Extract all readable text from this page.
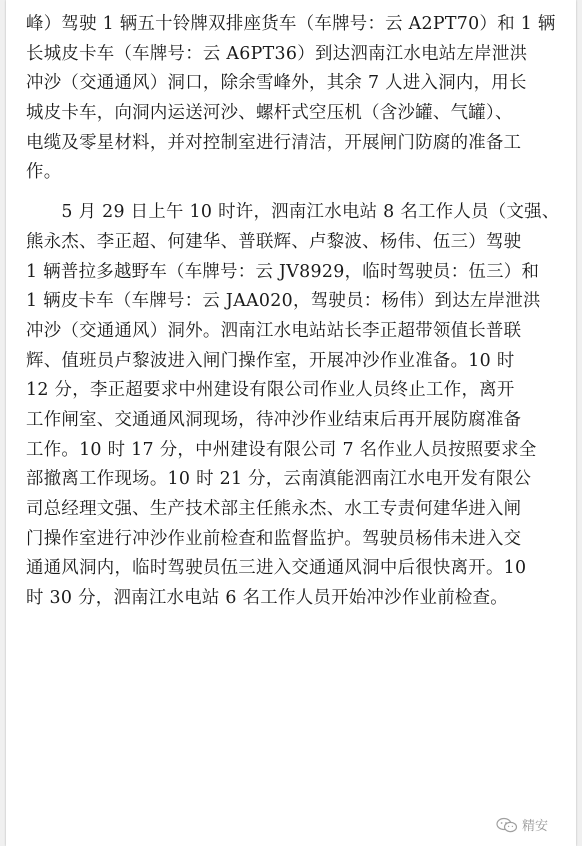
峰）驾驶 1 辆五十铃牌双排座货车（车牌号：云 A2PT70）和 1 辆
长城皮卡车（车牌号：云 A6PT36）到达泗南江水电站左岸泄洪
冲沙（交通通风）洞口，除余雪峰外，其余 7 人进入洞内，用长
城皮卡车，向洞内运送河沙、螺杆式空压机（含沙罐、气罐）、
电缆及零星材料，并对控制室进行清洁，开展闸门防腐的准备工
作。
　　5 月 29 日上午 10 时许，泗南江水电站 8 名工作人员（文强、
熊永杰、李正超、何建华、普联辉、卢黎波、杨伟、伍三）驾驶
1 辆普拉多越野车（车牌号：云 JV8929，临时驾驶员：伍三）和
1 辆皮卡车（车牌号：云 JAA020，驾驶员：杨伟）到达左岸泄洪
冲沙（交通通风）洞外。泗南江水电站站长李正超带领值长普联
辉、值班员卢黎波进入闸门操作室，开展冲沙作业准备。10 时
12 分，李正超要求中州建设有限公司作业人员终止工作，离开
工作闸室、交通通风洞现场，待冲沙作业结束后再开展防腐准备
工作。10 时 17 分，中州建设有限公司 7 名作业人员按照要求全
部撤离工作现场。10 时 21 分，云南滇能泗南江水电开发有限公
司总经理文强、生产技术部主任熊永杰、水工专责何建华进入闸
门操作室进行冲沙作业前检查和监督监护。驾驶员杨伟未进入交
通通风洞内，临时驾驶员伍三进入交通通风洞中后很快离开。10
时 30 分，泗南江水电站 6 名工作人员开始冲沙作业前检查。
精安
